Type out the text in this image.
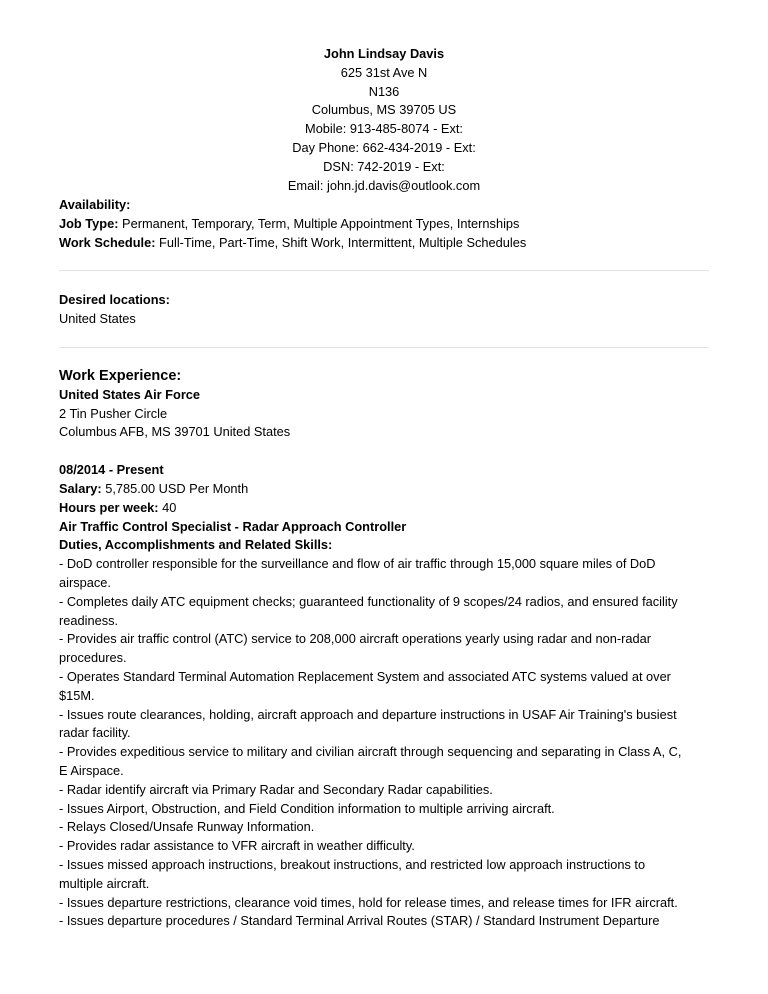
John Lindsay Davis
625 31st Ave N
N136
Columbus, MS 39705 US
Mobile: 913-485-8074 - Ext:
Day Phone: 662-434-2019 - Ext:
DSN: 742-2019 - Ext:
Email: john.jd.davis@outlook.com
Availability:
Job Type: Permanent, Temporary, Term, Multiple Appointment Types, Internships
Work Schedule: Full-Time, Part-Time, Shift Work, Intermittent, Multiple Schedules
Desired locations:
United States
Work Experience:
United States Air Force
2 Tin Pusher Circle
Columbus AFB, MS 39701 United States
08/2014 - Present
Salary: 5,785.00 USD Per Month
Hours per week: 40
Air Traffic Control Specialist - Radar Approach Controller
Duties, Accomplishments and Related Skills:
- DoD controller responsible for the surveillance and flow of air traffic through 15,000 square miles of DoD
airspace.
- Completes daily ATC equipment checks; guaranteed functionality of 9 scopes/24 radios, and ensured facility
readiness.
- Provides air traffic control (ATC) service to 208,000 aircraft operations yearly using radar and non-radar
procedures.
- Operates Standard Terminal Automation Replacement System and associated ATC systems valued at over
$15M.
- Issues route clearances, holding, aircraft approach and departure instructions in USAF Air Training's busiest
radar facility.
- Provides expeditious service to military and civilian aircraft through sequencing and separating in Class A, C,
E Airspace.
- Radar identify aircraft via Primary Radar and Secondary Radar capabilities.
- Issues Airport, Obstruction, and Field Condition information to multiple arriving aircraft.
- Relays Closed/Unsafe Runway Information.
- Provides radar assistance to VFR aircraft in weather difficulty.
- Issues missed approach instructions, breakout instructions, and restricted low approach instructions to
multiple aircraft.
- Issues departure restrictions, clearance void times, hold for release times, and release times for IFR aircraft.
- Issues departure procedures / Standard Terminal Arrival Routes (STAR) / Standard Instrument Departure
